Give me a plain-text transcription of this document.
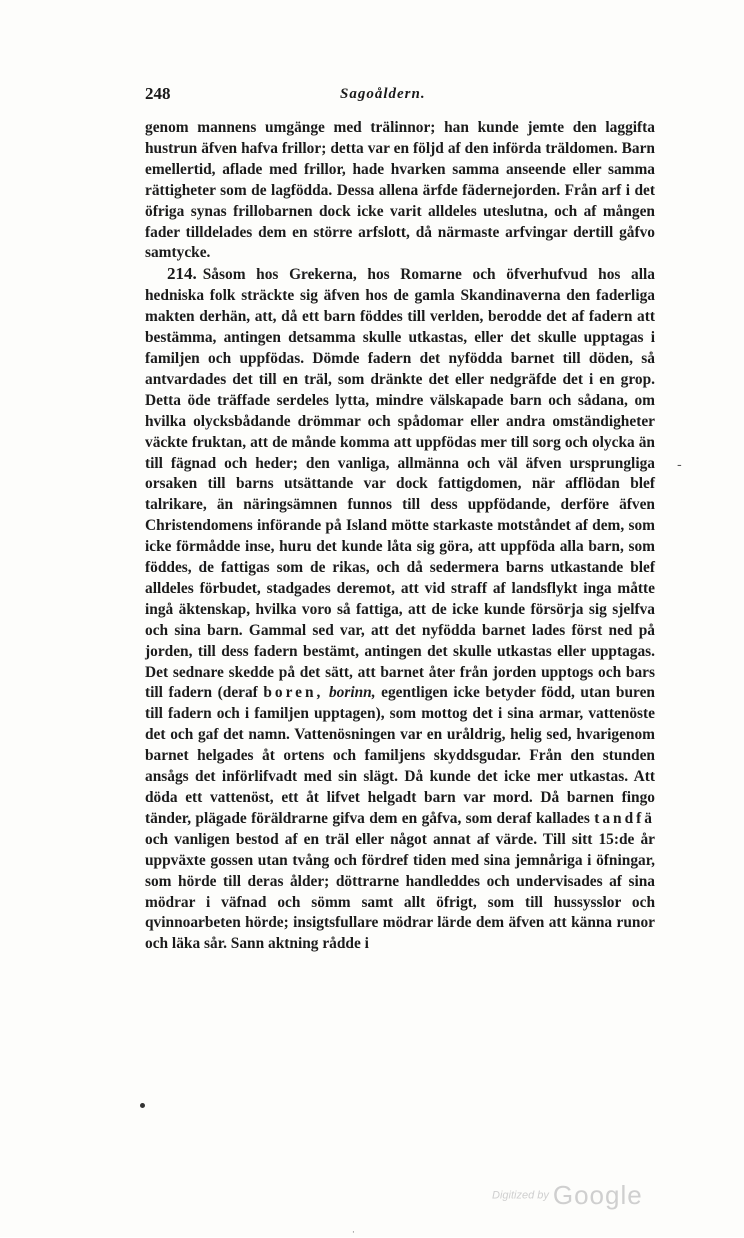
248	Sagoåldern.

genom mannens umgänge med trälinnor; han kunde jemte den laggifta hustrun äfven hafva frillor; detta var en följd af den införda träldomen. Barn emellertid, aflade med frillor, hade hvarken samma anseende eller samma rättigheter som de lagfödda. Dessa allena ärfde fädernejorden. Från arf i det öfriga synas frillobarnen dock icke varit alldeles uteslutna, och af mången fader tilldelades dem en större arfslott, då närmaste arfvingar dertill gåfvo samtycke.

214. Såsom hos Grekerna, hos Romarne och öfverhufvud hos alla hedniska folk sträckte sig äfven hos de gamla Skandinaverna den faderliga makten derhän, att, då ett barn föddes till verlden, berodde det af fadern att bestämma, antingen detsamma skulle utkastas, eller det skulle upptagas i familjen och uppfödas. Dömde fadern det nyfödda barnet till döden, så antvardades det till en träl, som dränkte det eller nedgräfde det i en grop. Detta öde träffade serdeles lytta, mindre välskapade barn och sådana, om hvilka olycksbådande drömmar och spådomar eller andra omständigheter väckte fruktan, att de månde komma att uppfödas mer till sorg och olycka än till fägnad och heder; den vanliga, allmänna och väl äfven ursprungliga orsaken till barns utsättande var dock fattigdomen, när afflödan blef talrikare, än näringsämnen funnos till dess uppfödande, derföre äfven Christendomens införande på Island mötte starkaste motståndet af dem, som icke förmådde inse, huru det kunde låta sig göra, att uppföda alla barn, som föddes, de fattigas som de rikas, och då sedermera barns utkastande blef alldeles förbudet, stadgades deremot, att vid straff af landsflykt inga måtte ingå äktenskap, hvilka voro så fattiga, att de icke kunde försörja sig sjelfva och sina barn. Gammal sed var, att det nyfödda barnet lades först ned på jorden, till dess fadern bestämt, antingen det skulle utkastas eller upptagas. Det sednare skedde på det sätt, att barnet åter från jorden upptogs och bars till fadern (deraf boren, borinn, egentligen icke betyder född, utan buren till fadern och i familjen upptagen), som mottog det i sina armar, vattenöste det och gaf det namn. Vattenösningen var en uråldrig, helig sed, hvarigenom barnet helgades åt ortens och familjens skyddsgudar. Från den stunden ansågs det införlifvadt med sin slägt. Då kunde det icke mer utkastas. Att döda ett vattenöst, ett åt lifvet helgadt barn var mord. Då barnen fingo tänder, plägade föräldrarne gifva dem en gåfva, som deraf kallades tandfä och vanligen bestod af en träl eller något annat af värde. Till sitt 15:de år uppväxte gossen utan tvång och fördref tiden med sina jemnåriga i öfningar, som hörde till deras ålder; döttrarne handleddes och undervisades af sina mödrar i väfnad och sömm samt allt öfrigt, som till hussysslor och qvinnoarbeten hörde; insigtsfullare mödrar lärde dem äfven att känna runor och läka sår. Sann aktning rådde i

-
Digitized by Google
·
